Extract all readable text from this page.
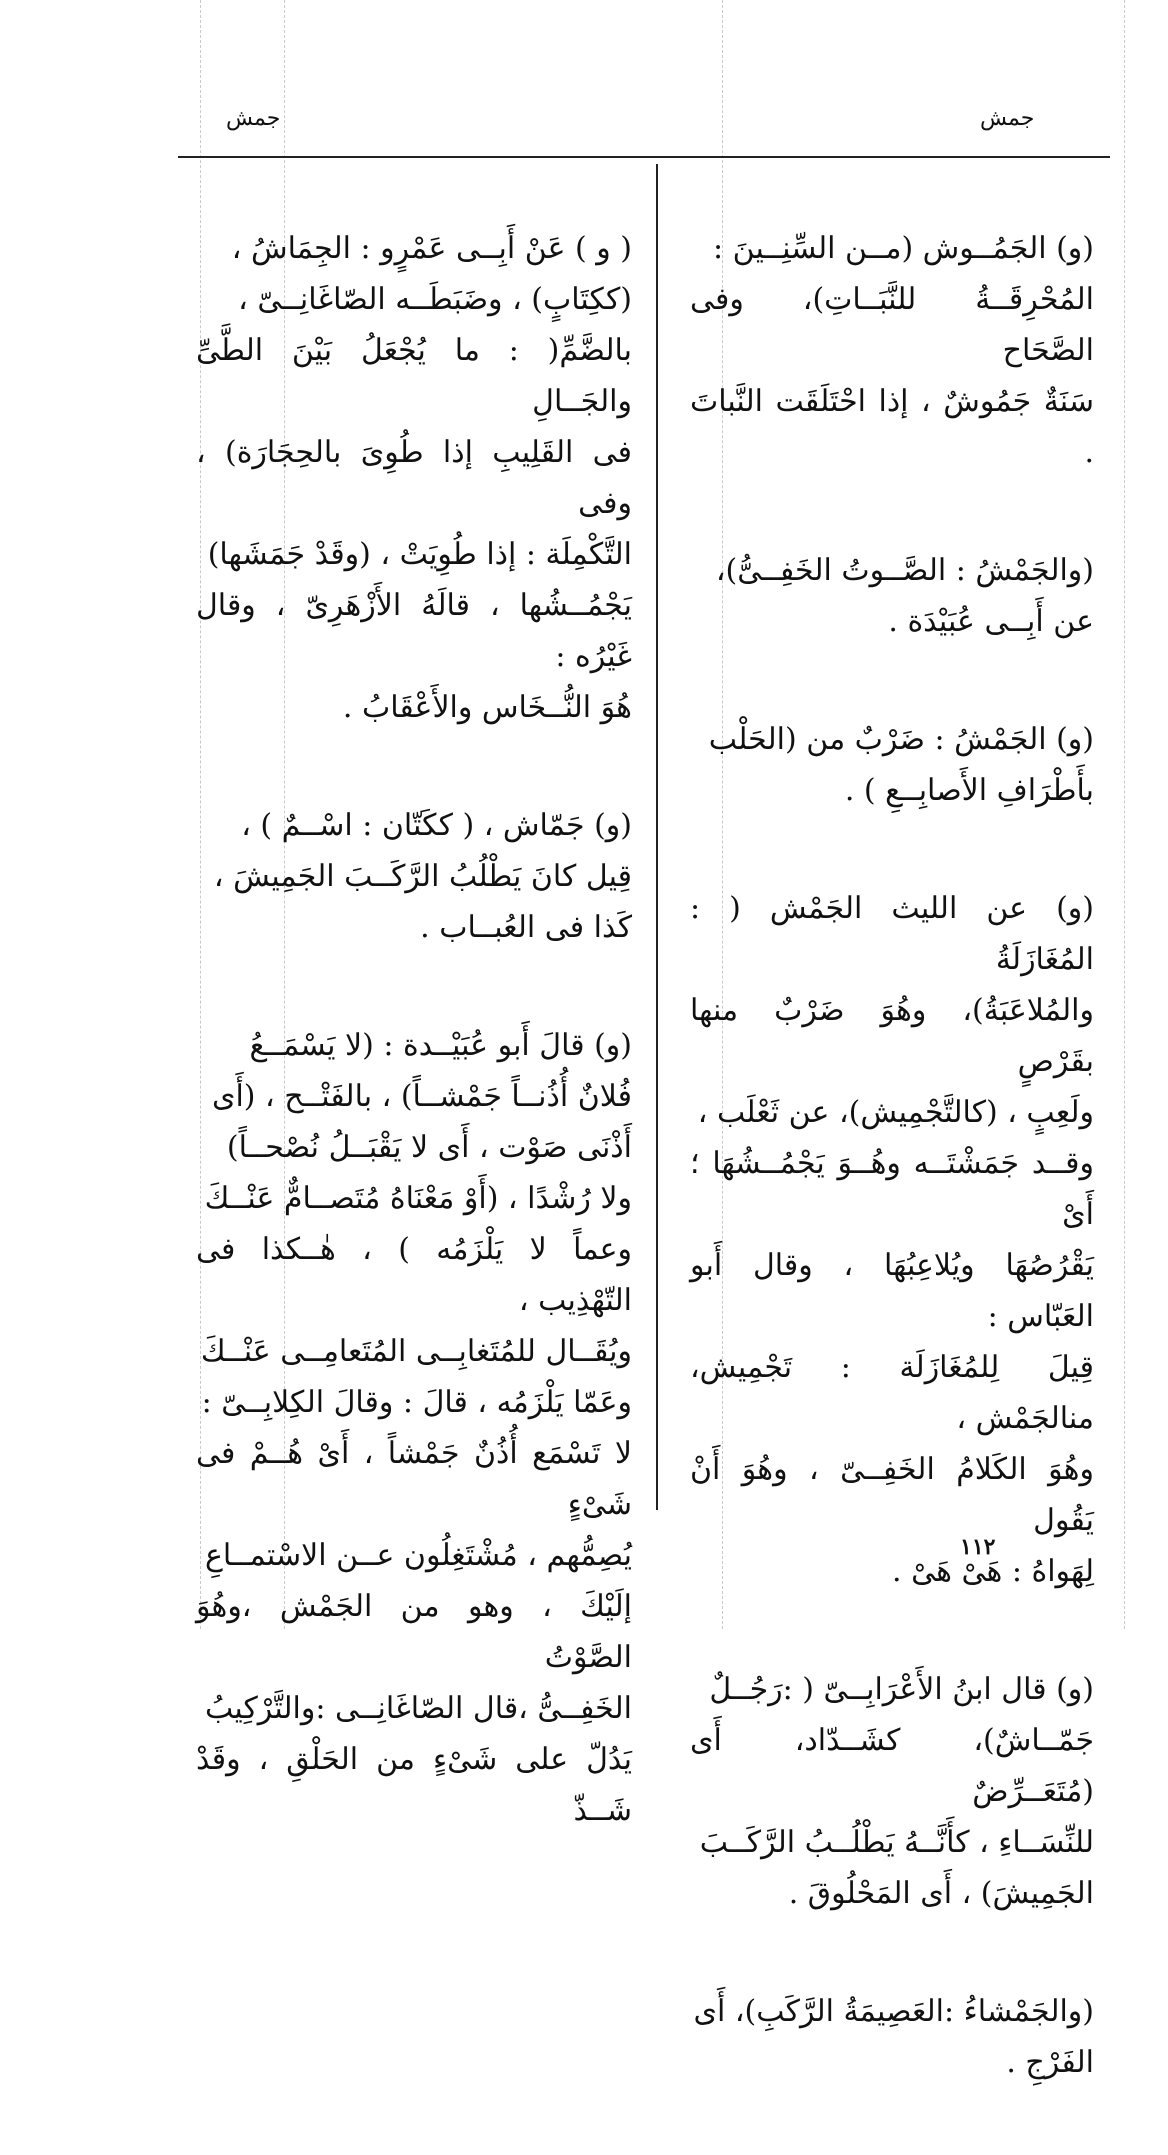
جمش	جمش

(و) الجَمُــوش (مــن السِّنِــينَ :
المُحْرِقَــةُ للنَّبَــاتِ)، وفى الصَّحَاح
سَنَةٌ جَمُوشٌ ، إذا احْتَلَقَت النَّباتَ .

(والجَمْشُ : الصَّــوتُ الخَفِــىُّ)،
عن أَبِــى عُبَيْدَة .

(و) الجَمْشُ : ضَرْبٌ من (الحَلْب
بأَطْرَافِ الأَصابِــعِ ) .

(و) عن الليث الجَمْش ( : المُغَازَلَةُ
والمُلاعَبَةُ)، وهُوَ ضَرْبٌ منها بقَرْصٍ
ولَعِبٍ ، (كالتَّجْمِيش)، عن ثَعْلَب ،
وقــد جَمَشْتَــه وهُــوَ يَجْمُــشُهَا ؛ أَىْ
يَقْرُصُهَا ويُلاعِبُهَا ، وقال أَبو العَبّاس :
قِيلَ لِلمُغَازَلَة : تَجْمِيش، منالجَمْش ،
وهُوَ الكَلامُ الخَفِــىّ ، وهُوَ أَنْ يَقُول
لِهَواهُ : هَىْ هَىْ .

(و) قال ابنُ الأَعْرَابِــىّ ( :رَجُــلٌ
جَمّــاشٌ)، كشَــدّاد، أَى (مُتَعَــرِّضٌ
للنِّسَــاءِ ، كأَنَّــهُ يَطْلُــبُ الرَّكَــبَ
الجَمِيشَ) ، أَى المَحْلُوقَ .

(والجَمْشاءُ :العَصِيمَةُ الرَّكَبِ)، أَى
الفَرْجِ .

( و ) عَنْ أَبِــى عَمْرٍو : الجِمَاشُ ،
(ككِتَابٍ) ، وضَبَطَــه الصّاغَانِــىّ ،
بالضَّمِّ( : ما يُجْعَلُ بَيْنَ الطَّىِّ والجَــالِ
فى القَلِيبِ إذا طُوِىَ بالحِجَارَة) ، وفى
التَّكْمِلَة : إذا طُوِيَتْ ، (وقَدْ جَمَشَها)
يَجْمُــشُها ، قالَهُ الأَزْهَرِىّ ، وقال غَيْرُه :
هُوَ النُّــخَاس والأَعْقَابُ .

(و) جَمّاش ، ( ككَتّان : اسْــمٌ ) ،
قِيل كانَ يَطْلُبُ الرَّكَــبَ الجَمِيشَ ،
كَذا فى العُبــاب .

(و) قالَ أَبو عُبَيْــدة : (لا يَسْمَــعُ
فُلانٌ أُذُنــاً جَمْشــاً) ، بالفَتْــح ، (أَى
أَذْنَى صَوْت ، أَى لا يَقْبَــلُ نُصْحــاً)
ولا رُشْدًا ، (أَوْ مَعْنَاهُ مُتَصــامٌّ عَنْــكَ
وعماً لا يَلْزَمُه ) ، هٰــكذا فى التّهْذِيب ،
ويُقَــال للمُتَغابِــى المُتَعامِــى عَنْــكَ
وعَمّا يَلْزَمُه ، قالَ : وقالَ الكِلابِــىّ :
لا تَسْمَع أُذُنٌ جَمْشاً ، أَىْ هُــمْ فى شَىْءٍ
يُصِمُّهم ، مُشْتَغِلُون عــن الاسْتمــاعِ
إلَيْكَ ، وهو من الجَمْش ،وهُوَ الصَّوْتُ
الخَفِــىُّ ،قال الصّاغَانِــى :والتَّرْكِيبُ
يَدُلّ على شَىْءٍ من الحَلْقِ ، وقَدْ شَــذّ

١١٢
